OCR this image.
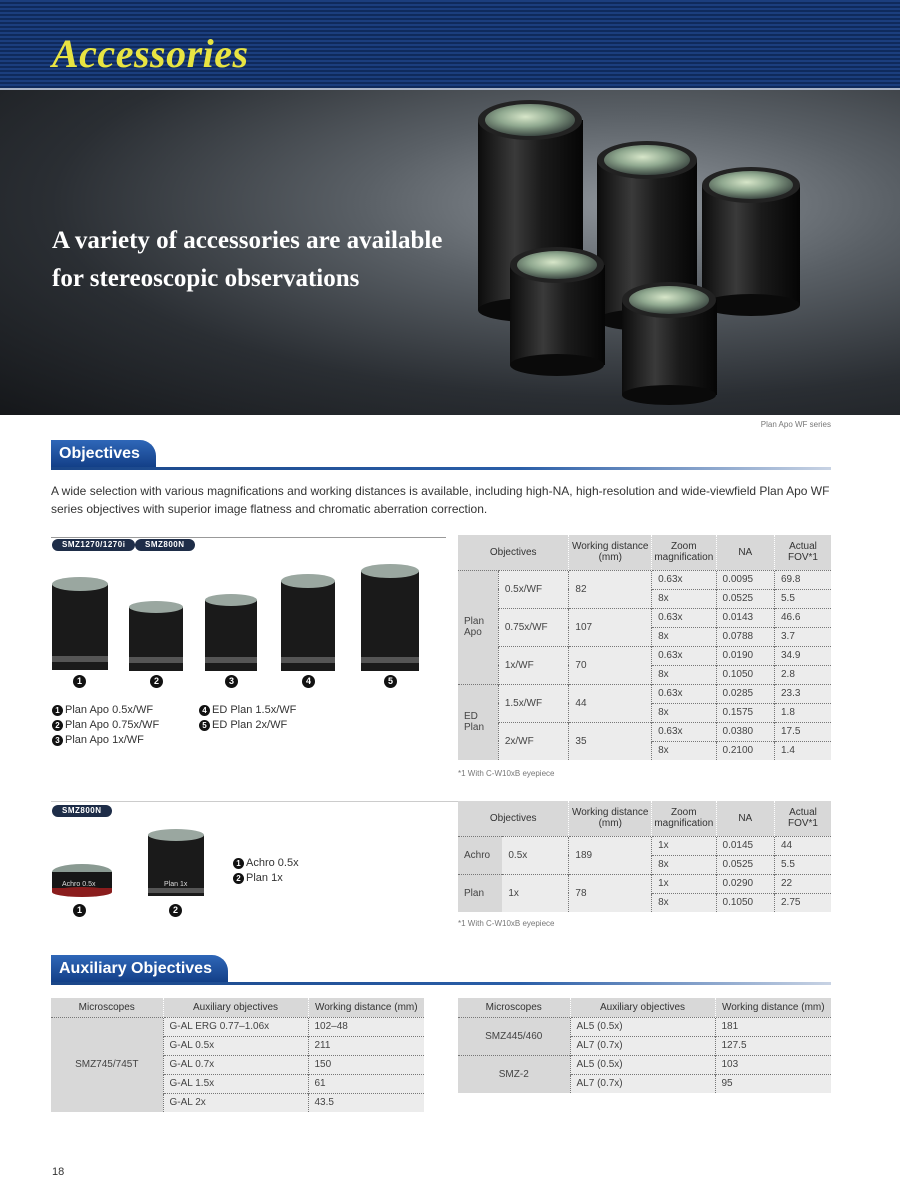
Accessories
A variety of accessories are available
for stereoscopic observations
Plan Apo WF series
Objectives
A wide selection with various magnifications and working distances is available, including high-NA, high-resolution and wide-viewfield Plan Apo WF series objectives with superior image flatness and chromatic aberration correction.
SMZ1270/1270i	SMZ800N
1	2	3	4	5
1 Plan Apo 0.5x/WF
2 Plan Apo 0.75x/WF
3 Plan Apo 1x/WF
4 ED Plan 1.5x/WF
5 ED Plan 2x/WF
Objectives		Working distance (mm)	Zoom magnification	NA	Actual FOV*1
Plan Apo	0.5x/WF	82	0.63x	0.0095	69.8
			8x	0.0525	5.5
	0.75x/WF	107	0.63x	0.0143	46.6
			8x	0.0788	3.7
	1x/WF	70	0.63x	0.0190	34.9
			8x	0.1050	2.8
ED Plan	1.5x/WF	44	0.63x	0.0285	23.3
			8x	0.1575	1.8
	2x/WF	35	0.63x	0.0380	17.5
			8x	0.2100	1.4
*1 With C-W10xB eyepiece
SMZ800N
Achro 0.5x	Plan 1x
1	2
1 Achro 0.5x
2 Plan 1x
Objectives		Working distance (mm)	Zoom magnification	NA	Actual FOV*1
Achro	0.5x	189	1x	0.0145	44
			8x	0.0525	5.5
Plan	1x	78	1x	0.0290	22
			8x	0.1050	2.75
*1 With C-W10xB eyepiece
Auxiliary Objectives
Microscopes	Auxiliary objectives	Working distance (mm)
SMZ745/745T	G-AL ERG 0.77–1.06x	102–48
	G-AL 0.5x	211
	G-AL 0.7x	150
	G-AL 1.5x	61
	G-AL 2x	43.5
Microscopes	Auxiliary objectives	Working distance (mm)
SMZ445/460	AL5 (0.5x)	181
	AL7 (0.7x)	127.5
SMZ-2	AL5 (0.5x)	103
	AL7 (0.7x)	95
18
